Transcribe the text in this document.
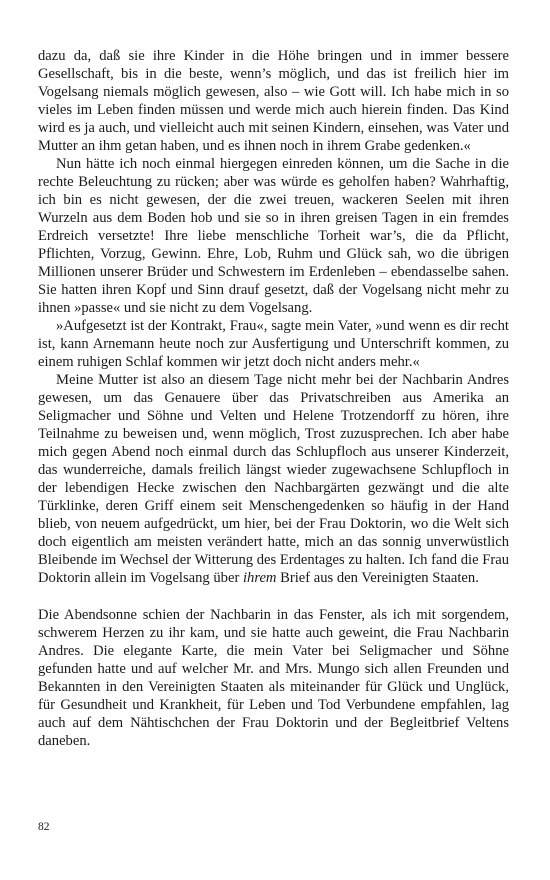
dazu da, daß sie ihre Kinder in die Höhe bringen und in immer bessere Gesellschaft, bis in die beste, wenn’s möglich, und das ist freilich hier im Vogelsang niemals möglich gewesen, also – wie Gott will. Ich habe mich in so vieles im Leben finden müssen und werde mich auch hierein finden. Das Kind wird es ja auch, und vielleicht auch mit seinen Kindern, einsehen, was Vater und Mutter an ihm getan haben, und es ihnen noch in ihrem Grabe gedenken.«

Nun hätte ich noch einmal hiergegen einreden können, um die Sache in die rechte Beleuchtung zu rücken; aber was würde es geholfen haben? Wahrhaftig, ich bin es nicht gewesen, der die zwei treuen, wackeren Seelen mit ihren Wurzeln aus dem Boden hob und sie so in ihren greisen Tagen in ein fremdes Erdreich versetzte! Ihre liebe menschliche Torheit war’s, die da Pflicht, Pflichten, Vorzug, Gewinn. Ehre, Lob, Ruhm und Glück sah, wo die übrigen Millionen unserer Brüder und Schwestern im Erdenleben – ebendasselbe sahen. Sie hatten ihren Kopf und Sinn drauf gesetzt, daß der Vogelsang nicht mehr zu ihnen »passe« und sie nicht zu dem Vogelsang.

»Aufgesetzt ist der Kontrakt, Frau«, sagte mein Vater, »und wenn es dir recht ist, kann Arnemann heute noch zur Ausfertigung und Unterschrift kommen, zu einem ruhigen Schlaf kommen wir jetzt doch nicht anders mehr.«

Meine Mutter ist also an diesem Tage nicht mehr bei der Nachbarin Andres gewesen, um das Genauere über das Privatschreiben aus Amerika an Seligmacher und Söhne und Velten und Helene Trotzendorff zu hören, ihre Teilnahme zu beweisen und, wenn möglich, Trost zuzusprechen. Ich aber habe mich gegen Abend noch einmal durch das Schlupfloch aus unserer Kinderzeit, das wunderreiche, damals freilich längst wieder zugewachsene Schlupfloch in der lebendigen Hecke zwischen den Nachbargärten gezwängt und die alte Türklinke, deren Griff einem seit Menschengedenken so häufig in der Hand blieb, von neuem aufgedrückt, um hier, bei der Frau Doktorin, wo die Welt sich doch eigentlich am meisten verändert hatte, mich an das sonnig unverwüstlich Bleibende im Wechsel der Witterung des Erdentages zu halten. Ich fand die Frau Doktorin allein im Vogelsang über ihrem Brief aus den Vereinigten Staaten.

Die Abendsonne schien der Nachbarin in das Fenster, als ich mit sorgendem, schwerem Herzen zu ihr kam, und sie hatte auch geweint, die Frau Nachbarin Andres. Die elegante Karte, die mein Vater bei Seligmacher und Söhne gefunden hatte und auf welcher Mr. and Mrs. Mungo sich allen Freunden und Bekannten in den Vereinigten Staaten als miteinander für Glück und Unglück, für Gesundheit und Krankheit, für Leben und Tod Verbundene empfahlen, lag auch auf dem Nähtischchen der Frau Doktorin und der Begleitbrief Veltens daneben.

82
